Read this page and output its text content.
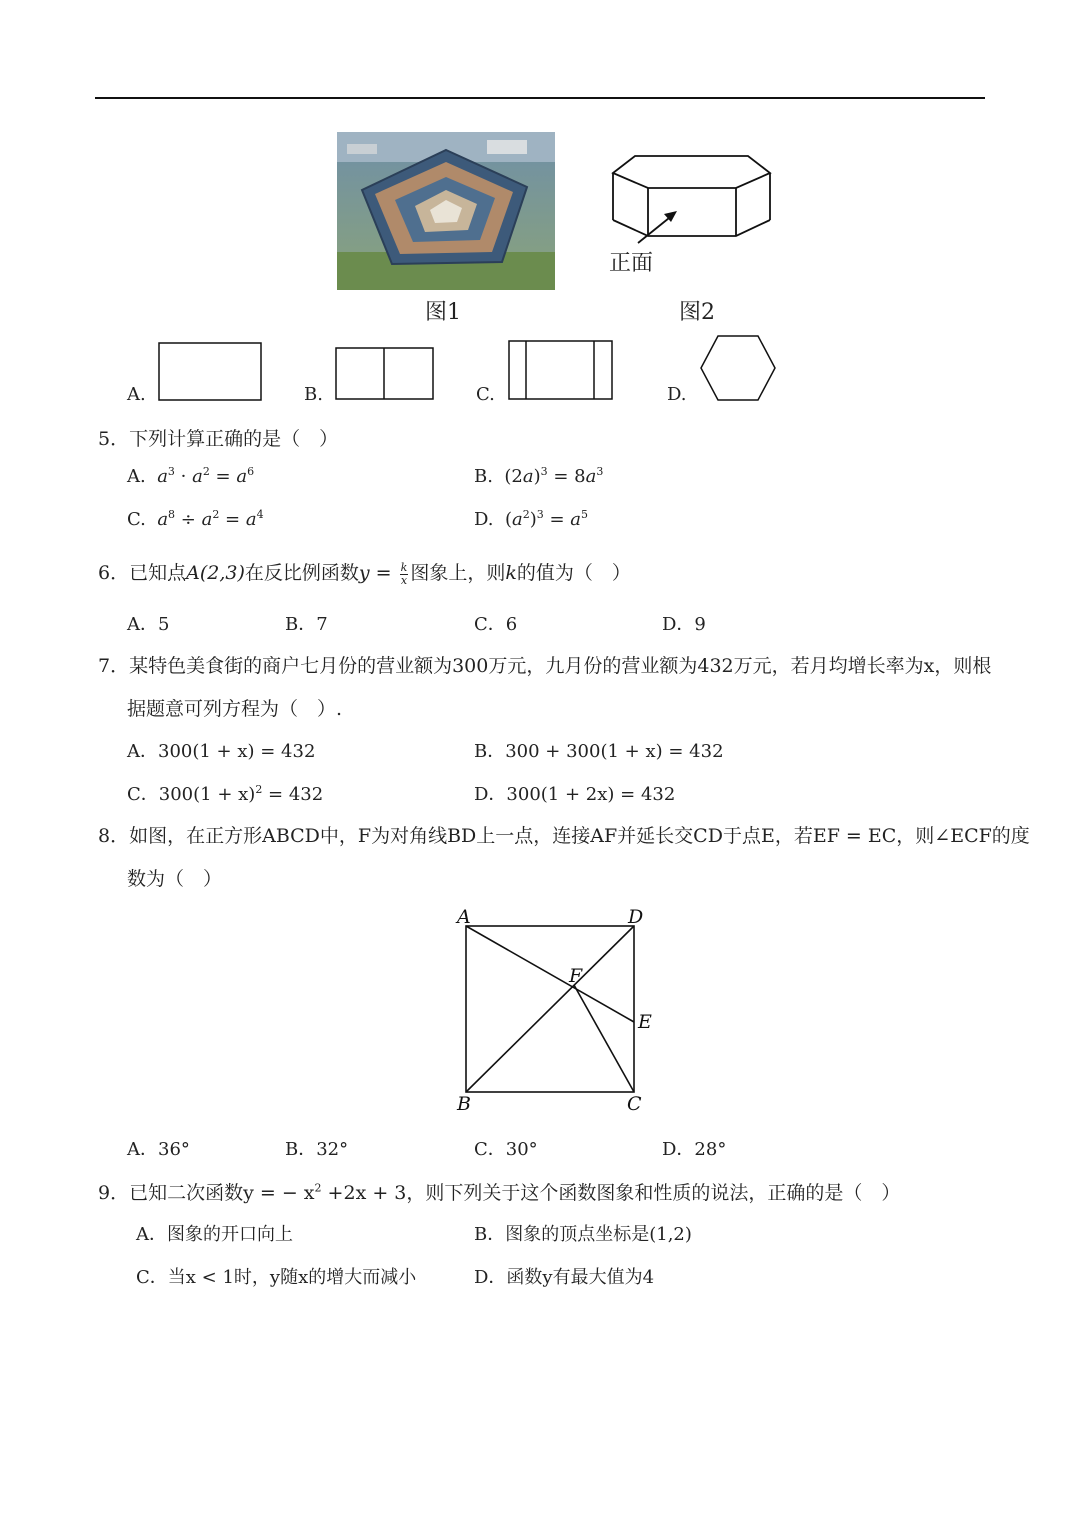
图1
正面
图2
A.	B.	C.	D.
5．下列计算正确的是（　）
A. $a^3 \cdot a^2 = a^6$	B.  $(2a)^3 = 8a^3$
C. $a^8 \div a^2 = a^4$	D.  $(a^2)^3 = a^5$
6．已知点A(2,3)在反比例函数$y = \frac{k}{x}$ 图象上，则k的值为（　）
A．5	B．7	C．6	D．9
7．某特色美食街的商户七月份的营业额为300万元，九月份的营业额为432万元，若月均增长率为x，则根
据题意可列方程为（　）.
A．300(1 + x) = 432	B．300 + 300(1 + x) = 432
C．$300(1 + x)^2 = 432$	D．300(1 + 2x) = 432
8．如图，在正方形ABCD中，F为对角线BD上一点，连接AF并延长交CD于点E，若EF = EC，则∠ECF的度
数为（　）
A	D
F
E
B	C
A．36°	B．32°	C．30°	D．28°
9．已知二次函数y = − $x^2 +2x + 3$，则下列关于这个函数图象和性质的说法，正确的是（　）
A．图象的开口向上	B．图象的顶点坐标是(1,2)
C．当x < 1时，y随x的增大而减小	D．函数y有最大值为4
